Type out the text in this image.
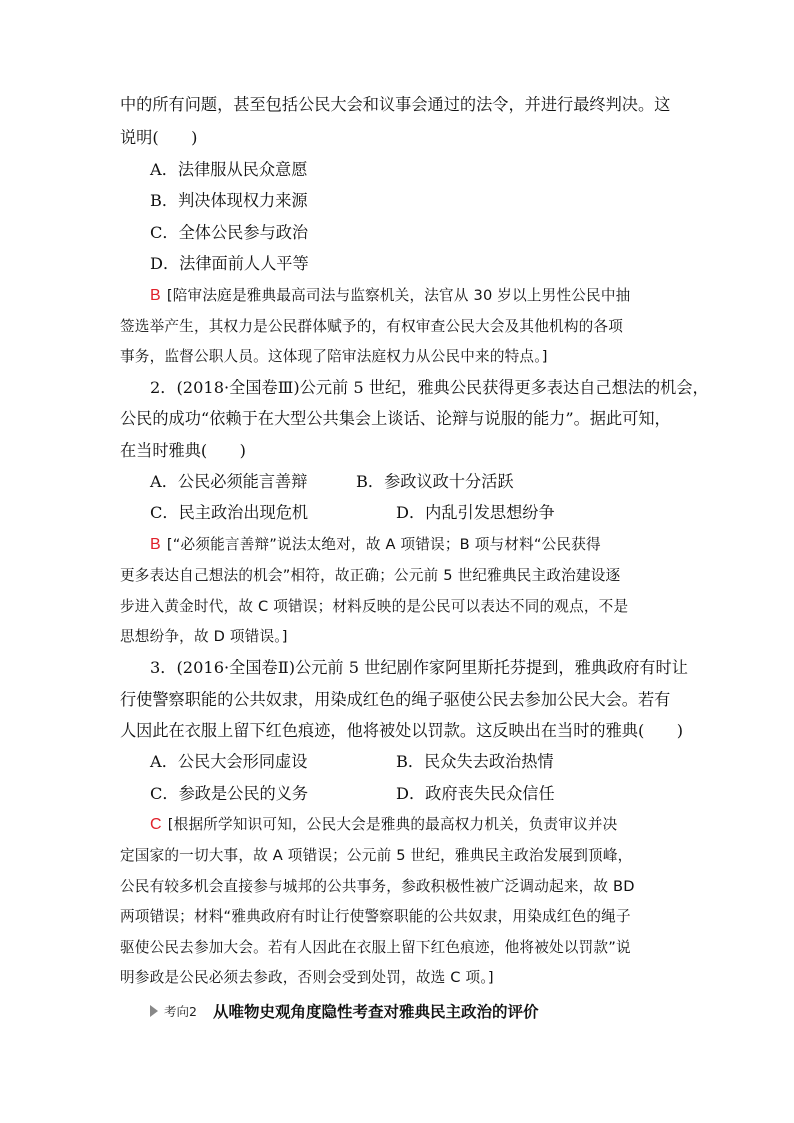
中的所有问题，甚至包括公民大会和议事会通过的法令，并进行最终判决。这
说明(　　)
A．法律服从民众意愿
B．判决体现权力来源
C．全体公民参与政治
D．法律面前人人平等
B [陪审法庭是雅典最高司法与监察机关，法官从 30 岁以上男性公民中抽
签选举产生，其权力是公民群体赋予的，有权审查公民大会及其他机构的各项
事务，监督公职人员。这体现了陪审法庭权力从公民中来的特点。]
2．(2018·全国卷Ⅲ)公元前 5 世纪，雅典公民获得更多表达自己想法的机会，
公民的成功“依赖于在大型公共集会上谈话、论辩与说服的能力”。据此可知，
在当时雅典(　　)
A．公民必须能言善辩	B．参政议政十分活跃
C．民主政治出现危机	D．内乱引发思想纷争
B [“必须能言善辩”说法太绝对，故 A 项错误；B 项与材料“公民获得
更多表达自己想法的机会”相符，故正确；公元前 5 世纪雅典民主政治建设逐
步进入黄金时代，故 C 项错误；材料反映的是公民可以表达不同的观点，不是
思想纷争，故 D 项错误。]
3．(2016·全国卷Ⅱ)公元前 5 世纪剧作家阿里斯托芬提到，雅典政府有时让
行使警察职能的公共奴隶，用染成红色的绳子驱使公民去参加公民大会。若有
人因此在衣服上留下红色痕迹，他将被处以罚款。这反映出在当时的雅典(　　)
A．公民大会形同虚设	B．民众失去政治热情
C．参政是公民的义务	D．政府丧失民众信任
C [根据所学知识可知，公民大会是雅典的最高权力机关，负责审议并决
定国家的一切大事，故 A 项错误；公元前 5 世纪，雅典民主政治发展到顶峰，
公民有较多机会直接参与城邦的公共事务，参政积极性被广泛调动起来，故 BD
两项错误；材料“雅典政府有时让行使警察职能的公共奴隶，用染成红色的绳子
驱使公民去参加大会。若有人因此在衣服上留下红色痕迹，他将被处以罚款”说
明参政是公民必须去参政，否则会受到处罚，故选 C 项。]
考向2 从唯物史观角度隐性考查对雅典民主政治的评价
